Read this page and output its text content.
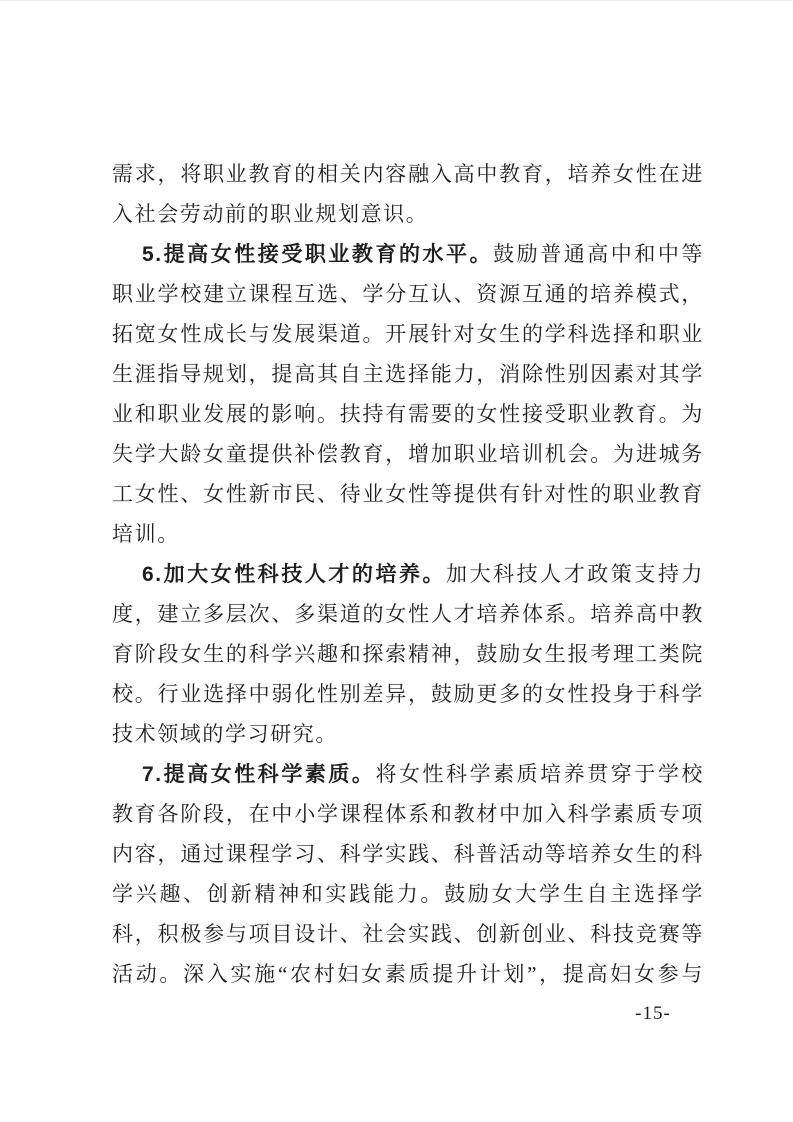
需求，将职业教育的相关内容融入高中教育，培养女性在进
入社会劳动前的职业规划意识。
5.提高女性接受职业教育的水平。鼓励普通高中和中等
职业学校建立课程互选、学分互认、资源互通的培养模式，
拓宽女性成长与发展渠道。开展针对女生的学科选择和职业
生涯指导规划，提高其自主选择能力，消除性别因素对其学
业和职业发展的影响。扶持有需要的女性接受职业教育。为
失学大龄女童提供补偿教育，增加职业培训机会。为进城务
工女性、女性新市民、待业女性等提供有针对性的职业教育
培训。
6.加大女性科技人才的培养。加大科技人才政策支持力
度，建立多层次、多渠道的女性人才培养体系。培养高中教
育阶段女生的科学兴趣和探索精神，鼓励女生报考理工类院
校。行业选择中弱化性别差异，鼓励更多的女性投身于科学
技术领域的学习研究。
7.提高女性科学素质。将女性科学素质培养贯穿于学校
教育各阶段，在中小学课程体系和教材中加入科学素质专项
内容，通过课程学习、科学实践、科普活动等培养女生的科
学兴趣、创新精神和实践能力。鼓励女大学生自主选择学
科，积极参与项目设计、社会实践、创新创业、科技竞赛等
活动。深入实施“农村妇女素质提升计划”，提高妇女参与
-15-
